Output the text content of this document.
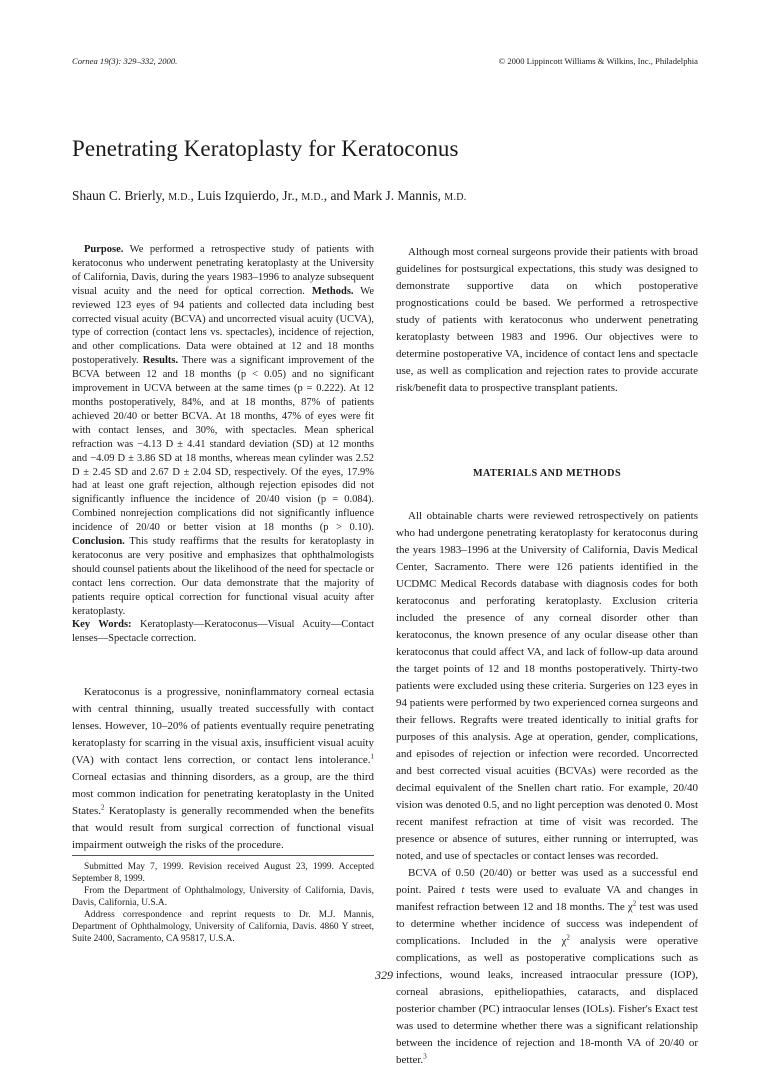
Cornea 19(3): 329–332, 2000.	© 2000 Lippincott Williams & Wilkins, Inc., Philadelphia
Penetrating Keratoplasty for Keratoconus
Shaun C. Brierly, M.D., Luis Izquierdo, Jr., M.D., and Mark J. Mannis, M.D.

Purpose. We performed a retrospective study of patients with keratoconus who underwent penetrating keratoplasty at the University of California, Davis, during the years 1983–1996 to analyze subsequent visual acuity and the need for optical correction. Methods. We reviewed 123 eyes of 94 patients and collected data including best corrected visual acuity (BCVA) and uncorrected visual acuity (UCVA), type of correction (contact lens vs. spectacles), incidence of rejection, and other complications. Data were obtained at 12 and 18 months postoperatively. Results. There was a significant improvement of the BCVA between 12 and 18 months (p < 0.05) and no significant improvement in UCVA between at the same times (p = 0.222). At 12 months postoperatively, 84%, and at 18 months, 87% of patients achieved 20/40 or better BCVA. At 18 months, 47% of eyes were fit with contact lenses, and 30%, with spectacles. Mean spherical refraction was −4.13 D ± 4.41 standard deviation (SD) at 12 months and −4.09 D ± 3.86 SD at 18 months, whereas mean cylinder was 2.52 D ± 2.45 SD and 2.67 D ± 2.04 SD, respectively. Of the eyes, 17.9% had at least one graft rejection, although rejection episodes did not significantly influence the incidence of 20/40 vision (p = 0.084). Combined nonrejection complications did not significantly influence incidence of 20/40 or better vision at 18 months (p > 0.10). Conclusion. This study reaffirms that the results for keratoplasty in keratoconus are very positive and emphasizes that ophthalmologists should counsel patients about the likelihood of the need for spectacle or contact lens correction. Our data demonstrate that the majority of patients require optical correction for functional visual acuity after keratoplasty.

Key Words: Keratoplasty—Keratoconus—Visual Acuity—Contact lenses—Spectacle correction.

Keratoconus is a progressive, noninflammatory corneal ectasia with central thinning, usually treated successfully with contact lenses. However, 10–20% of patients eventually require penetrating keratoplasty for scarring in the visual axis, insufficient visual acuity (VA) with contact lens correction, or contact lens intolerance.$^1$ Corneal ectasias and thinning disorders, as a group, are the third most common indication for penetrating keratoplasty in the United States.$^2$ Keratoplasty is generally recommended when the benefits that would result from surgical correction of functional visual impairment outweigh the risks of the procedure.

Submitted May 7, 1999. Revision received August 23, 1999. Accepted September 8, 1999.

From the Department of Ophthalmology, University of California, Davis, Davis, California, U.S.A.

Address correspondence and reprint requests to Dr. M.J. Mannis, Department of Ophthalmology, University of California, Davis. 4860 Y street, Suite 2400, Sacramento, CA 95817, U.S.A.

Although most corneal surgeons provide their patients with broad guidelines for postsurgical expectations, this study was designed to demonstrate supportive data on which postoperative prognostications could be based. We performed a retrospective study of patients with keratoconus who underwent penetrating keratoplasty between 1983 and 1996. Our objectives were to determine postoperative VA, incidence of contact lens and spectacle use, as well as complication and rejection rates to provide accurate risk/benefit data to prospective transplant patients.

MATERIALS AND METHODS

All obtainable charts were reviewed retrospectively on patients who had undergone penetrating keratoplasty for keratoconus during the years 1983–1996 at the University of California, Davis Medical Center, Sacramento. There were 126 patients identified in the UCDMC Medical Records database with diagnosis codes for both keratoconus and perforating keratoplasty. Exclusion criteria included the presence of any corneal disorder other than keratoconus, the known presence of any ocular disease other than keratoconus that could affect VA, and lack of follow-up data around the target points of 12 and 18 months postoperatively. Thirty-two patients were excluded using these criteria. Surgeries on 123 eyes in 94 patients were performed by two experienced cornea surgeons and their fellows. Regrafts were treated identically to initial grafts for purposes of this analysis. Age at operation, gender, complications, and episodes of rejection or infection were recorded. Uncorrected and best corrected visual acuities (BCVAs) were recorded as the decimal equivalent of the Snellen chart ratio. For example, 20/40 vision was denoted 0.5, and no light perception was denoted 0. Most recent manifest refraction at time of visit was recorded. The presence or absence of sutures, either running or interrupted, was noted, and use of spectacles or contact lenses was recorded.

BCVA of 0.50 (20/40) or better was used as a successful end point. Paired t tests were used to evaluate VA and changes in manifest refraction between 12 and 18 months. The $\chi^2$ test was used to determine whether incidence of success was independent of complications. Included in the $\chi^2$ analysis were operative complications, as well as postoperative complications such as infections, wound leaks, increased intraocular pressure (IOP), corneal abrasions, epitheliopathies, cataracts, and displaced posterior chamber (PC) intraocular lenses (IOLs). Fisher's Exact test was used to determine whether there was a significant relationship between the incidence of rejection and 18-month VA of 20/40 or better.$^3$

329
